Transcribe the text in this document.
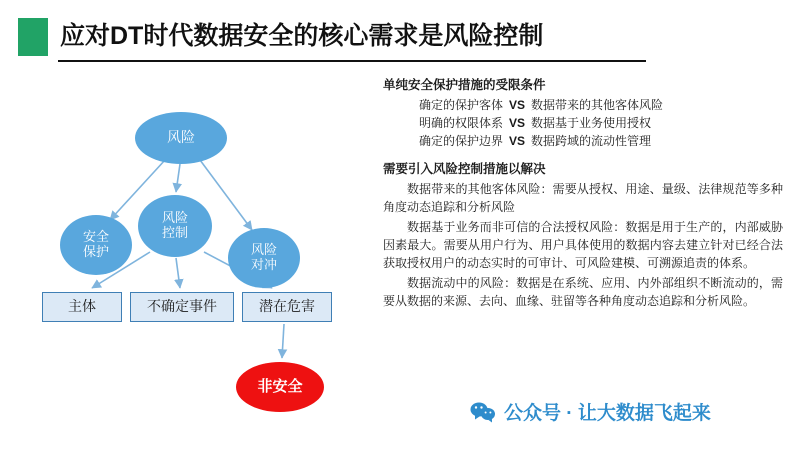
应对DT时代数据安全的核心需求是风险控制
风险
风险
控制
安全
保护	风险
对冲
主体	不确定事件	潜在危害
非安全
单纯安全保护措施的受限条件
确定的保护客体 VS 数据带来的其他客体风险
明确的权限体系 VS 数据基于业务使用授权
确定的保护边界 VS 数据跨域的流动性管理
需要引入风险控制措施以解决

数据带来的其他客体风险：需要从授权、用途、量级、法律规范等多种角度动态追踪和分析风险

数据基于业务而非可信的合法授权风险：数据是用于生产的，内部威胁因素最大。需要从用户行为、用户具体使用的数据内容去建立针对已经合法获取授权用户的动态实时的可审计、可风险建模、可溯源追责的体系。

数据流动中的风险：数据是在系统、应用、内外部组织不断流动的，需要从数据的来源、去向、血缘、驻留等各种角度动态追踪和分析风险。

公众号 · 让大数据飞起来
